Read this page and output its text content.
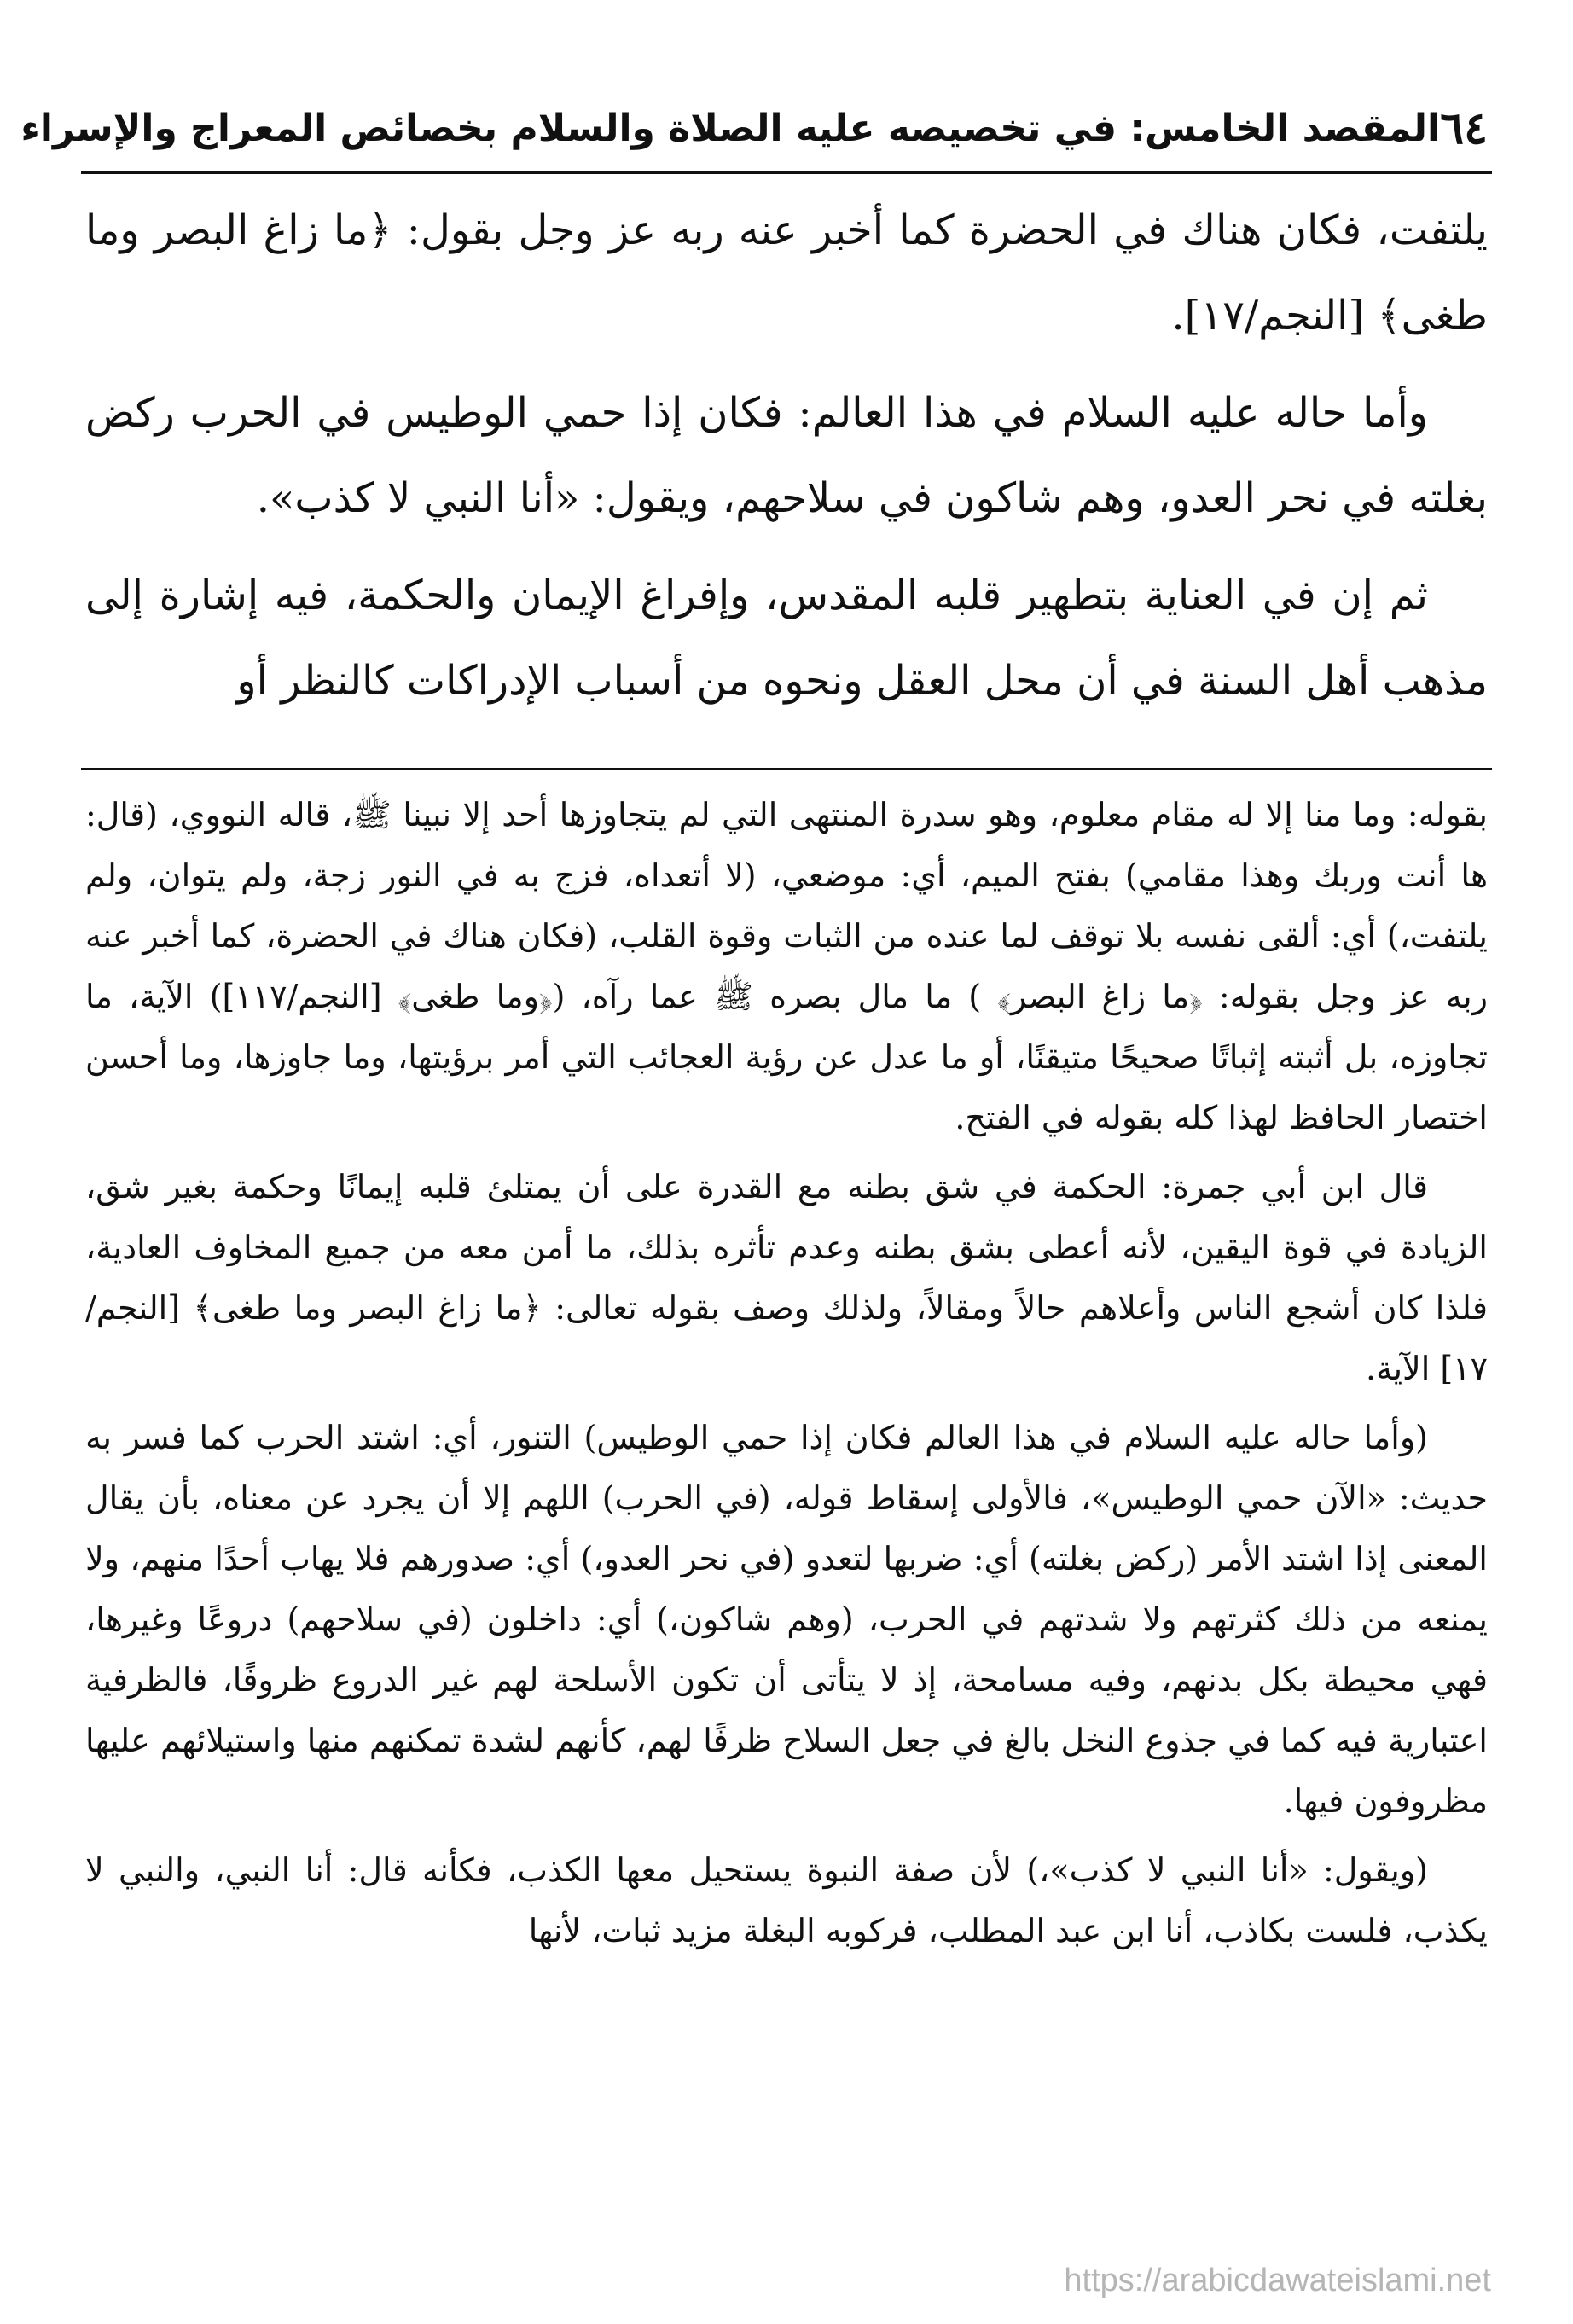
٦٤
المقصد الخامس: في تخصيصه عليه الصلاة والسلام بخصائص المعراج والإسراء

يلتفت، فكان هناك في الحضرة كما أخبر عنه ربه عز وجل بقول: ﴿ما زاغ البصر وما طغى﴾ [النجم/١٧].

وأما حاله عليه السلام في هذا العالم: فكان إذا حمي الوطيس في الحرب ركض بغلته في نحر العدو، وهم شاكون في سلاحهم، ويقول: «أنا النبي لا كذب».

ثم إن في العناية بتطهير قلبه المقدس، وإفراغ الإيمان والحكمة، فيه إشارة إلى مذهب أهل السنة في أن محل العقل ونحوه من أسباب الإدراكات كالنظر أو

بقوله: وما منا إلا له مقام معلوم، وهو سدرة المنتهى التي لم يتجاوزها أحد إلا نبينا ﷺ، قاله النووي، (قال: ها أنت وربك وهذا مقامي) بفتح الميم، أي: موضعي، (لا أتعداه، فزج به في النور زجة، ولم يتوان، ولم يلتفت،) أي: ألقى نفسه بلا توقف لما عنده من الثبات وقوة القلب، (فكان هناك في الحضرة، كما أخبر عنه ربه عز وجل بقوله: ﴿ما زاغ البصر﴾ ) ما مال بصره ﷺ عما رآه، (﴿وما طغى﴾ [النجم/١١٧]) الآية، ما تجاوزه، بل أثبته إثباتًا صحيحًا متيقنًا، أو ما عدل عن رؤية العجائب التي أمر برؤيتها، وما جاوزها، وما أحسن اختصار الحافظ لهذا كله بقوله في الفتح.

قال ابن أبي جمرة: الحكمة في شق بطنه مع القدرة على أن يمتلئ قلبه إيمانًا وحكمة بغير شق، الزيادة في قوة اليقين، لأنه أعطى بشق بطنه وعدم تأثره بذلك، ما أمن معه من جميع المخاوف العادية، فلذا كان أشجع الناس وأعلاهم حالاً ومقالاً، ولذلك وصف بقوله تعالى: ﴿ما زاغ البصر وما طغى﴾ [النجم/١٧] الآية.

(وأما حاله عليه السلام في هذا العالم فكان إذا حمي الوطيس) التنور، أي: اشتد الحرب كما فسر به حديث: «الآن حمي الوطيس»، فالأولى إسقاط قوله، (في الحرب) اللهم إلا أن يجرد عن معناه، بأن يقال المعنى إذا اشتد الأمر (ركض بغلته) أي: ضربها لتعدو (في نحر العدو،) أي: صدورهم فلا يهاب أحدًا منهم، ولا يمنعه من ذلك كثرتهم ولا شدتهم في الحرب، (وهم شاكون،) أي: داخلون (في سلاحهم) دروعًا وغيرها، فهي محيطة بكل بدنهم، وفيه مسامحة، إذ لا يتأتى أن تكون الأسلحة لهم غير الدروع ظروفًا، فالظرفية اعتبارية فيه كما في جذوع النخل بالغ في جعل السلاح ظرفًا لهم، كأنهم لشدة تمكنهم منها واستيلائهم عليها مظروفون فيها.

(ويقول: «أنا النبي لا كذب»،) لأن صفة النبوة يستحيل معها الكذب، فكأنه قال: أنا النبي، والنبي لا يكذب، فلست بكاذب، أنا ابن عبد المطلب، فركوبه البغلة مزيد ثبات، لأنها

https://arabicdawateislami.net
